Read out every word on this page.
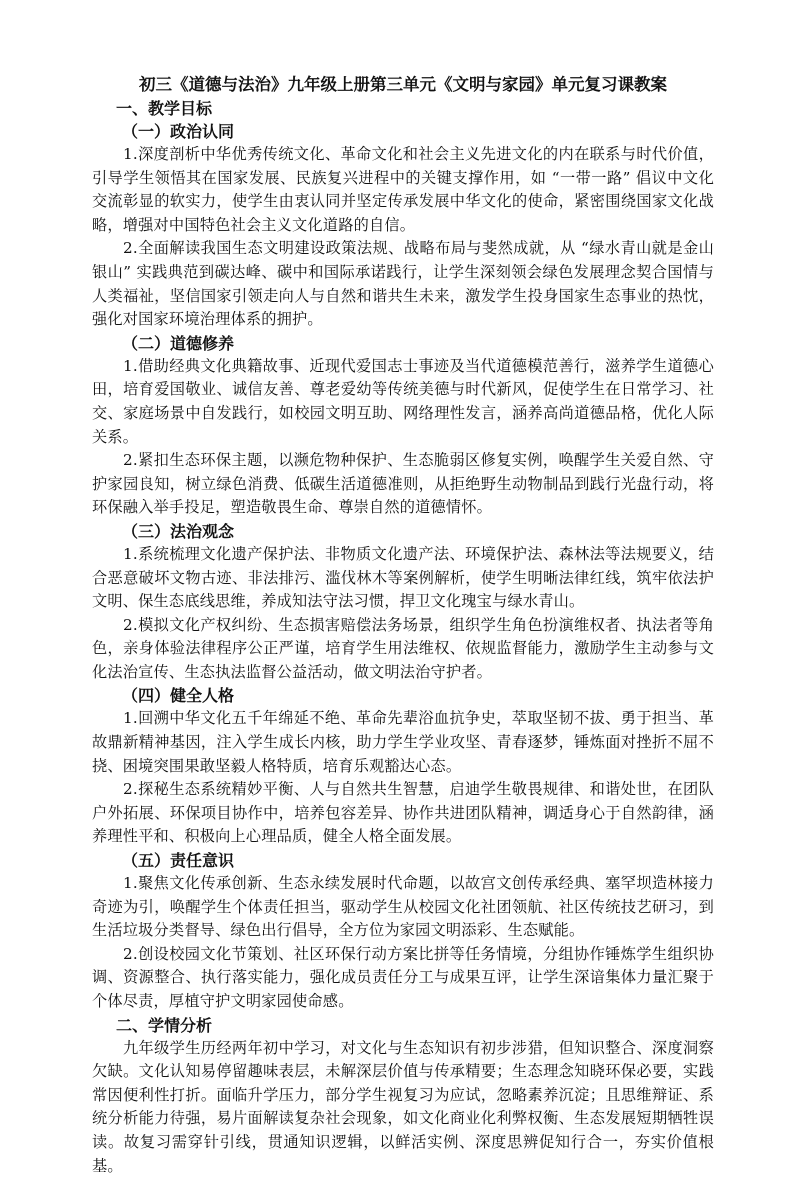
初三《道德与法治》九年级上册第三单元《文明与家园》单元复习课教案
一、教学目标
（一）政治认同

1.深度剖析中华优秀传统文化、革命文化和社会主义先进文化的内在联系与时代价值，引导学生领悟其在国家发展、民族复兴进程中的关键支撑作用，如 “一带一路” 倡议中文化交流彰显的软实力，使学生由衷认同并坚定传承发展中华文化的使命，紧密围绕国家文化战略，增强对中国特色社会主义文化道路的自信。

2.全面解读我国生态文明建设政策法规、战略布局与斐然成就，从 “绿水青山就是金山银山” 实践典范到碳达峰、碳中和国际承诺践行，让学生深刻领会绿色发展理念契合国情与人类福祉，坚信国家引领走向人与自然和谐共生未来，激发学生投身国家生态事业的热忱，强化对国家环境治理体系的拥护。

（二）道德修养

1.借助经典文化典籍故事、近现代爱国志士事迹及当代道德模范善行，滋养学生道德心田，培育爱国敬业、诚信友善、尊老爱幼等传统美德与时代新风，促使学生在日常学习、社交、家庭场景中自发践行，如校园文明互助、网络理性发言，涵养高尚道德品格，优化人际关系。

2.紧扣生态环保主题，以濒危物种保护、生态脆弱区修复实例，唤醒学生关爱自然、守护家园良知，树立绿色消费、低碳生活道德准则，从拒绝野生动物制品到践行光盘行动，将环保融入举手投足，塑造敬畏生命、尊崇自然的道德情怀。

（三）法治观念

1.系统梳理文化遗产保护法、非物质文化遗产法、环境保护法、森林法等法规要义，结合恶意破坏文物古迹、非法排污、滥伐林木等案例解析，使学生明晰法律红线，筑牢依法护文明、保生态底线思维，养成知法守法习惯，捍卫文化瑰宝与绿水青山。

2.模拟文化产权纠纷、生态损害赔偿法务场景，组织学生角色扮演维权者、执法者等角色，亲身体验法律程序公正严谨，培育学生用法维权、依规监督能力，激励学生主动参与文化法治宣传、生态执法监督公益活动，做文明法治守护者。

（四）健全人格

1.回溯中华文化五千年绵延不绝、革命先辈浴血抗争史，萃取坚韧不拔、勇于担当、革故鼎新精神基因，注入学生成长内核，助力学生学业攻坚、青春逐梦，锤炼面对挫折不屈不挠、困境突围果敢坚毅人格特质，培育乐观豁达心态。

2.探秘生态系统精妙平衡、人与自然共生智慧，启迪学生敬畏规律、和谐处世，在团队户外拓展、环保项目协作中，培养包容差异、协作共进团队精神，调适身心于自然韵律，涵养理性平和、积极向上心理品质，健全人格全面发展。

（五）责任意识

1.聚焦文化传承创新、生态永续发展时代命题，以故宫文创传承经典、塞罕坝造林接力奇迹为引，唤醒学生个体责任担当，驱动学生从校园文化社团领航、社区传统技艺研习，到生活垃圾分类督导、绿色出行倡导，全方位为家园文明添彩、生态赋能。

2.创设校园文化节策划、社区环保行动方案比拼等任务情境，分组协作锤炼学生组织协调、资源整合、执行落实能力，强化成员责任分工与成果互评，让学生深谙集体力量汇聚于个体尽责，厚植守护文明家园使命感。

二、学情分析

九年级学生历经两年初中学习，对文化与生态知识有初步涉猎，但知识整合、深度洞察欠缺。文化认知易停留趣味表层，未解深层价值与传承精要；生态理念知晓环保必要，实践常因便利性打折。面临升学压力，部分学生视复习为应试，忽略素养沉淀；且思维辩证、系统分析能力待强，易片面解读复杂社会现象，如文化商业化利弊权衡、生态发展短期牺牲误读。故复习需穿针引线，贯通知识逻辑，以鲜活实例、深度思辨促知行合一，夯实价值根基。
